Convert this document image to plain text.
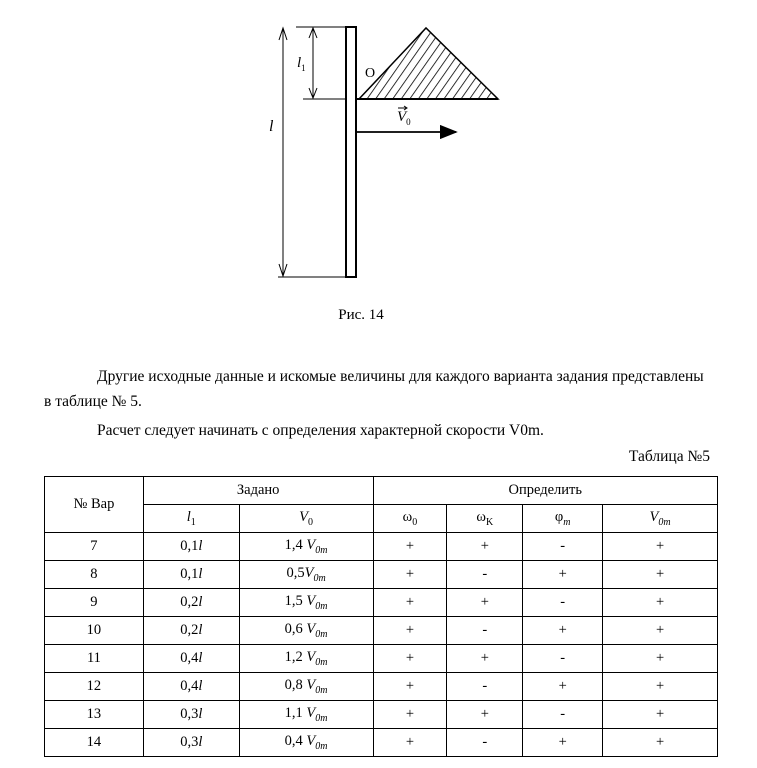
$l_1$
l
O
$V_0$
Рис. 14

Другие исходные данные и искомые величины для каждого варианта задания представлены в таблице № 5.

Расчет следует начинать с определения характерной скорости V0m.

Таблица №5
№ Вар	Задано		Определить			
	$l_1$	$V_0$	$\omega_0$	$\omega_K$	$\varphi_m$	$V_{0m}$
7	0,1l	1,4 $V_{0m}$	+	+	-	+
8	0,1l	$0,5V_{0m}$	+	-	+	+
9	0,2l	1,5 $V_{0m}$	+	+	-	+
10	0,2l	0,6 $V_{0m}$	+	-	+	+
11	0,4l	1,2 $V_{0m}$	+	+	-	+
12	0,4l	0,8 $V_{0m}$	+	-	+	+
13	0,3l	1,1 $V_{0m}$	+	+	-	+
14	0,3l	0,4 $V_{0m}$	+	-	+	+
